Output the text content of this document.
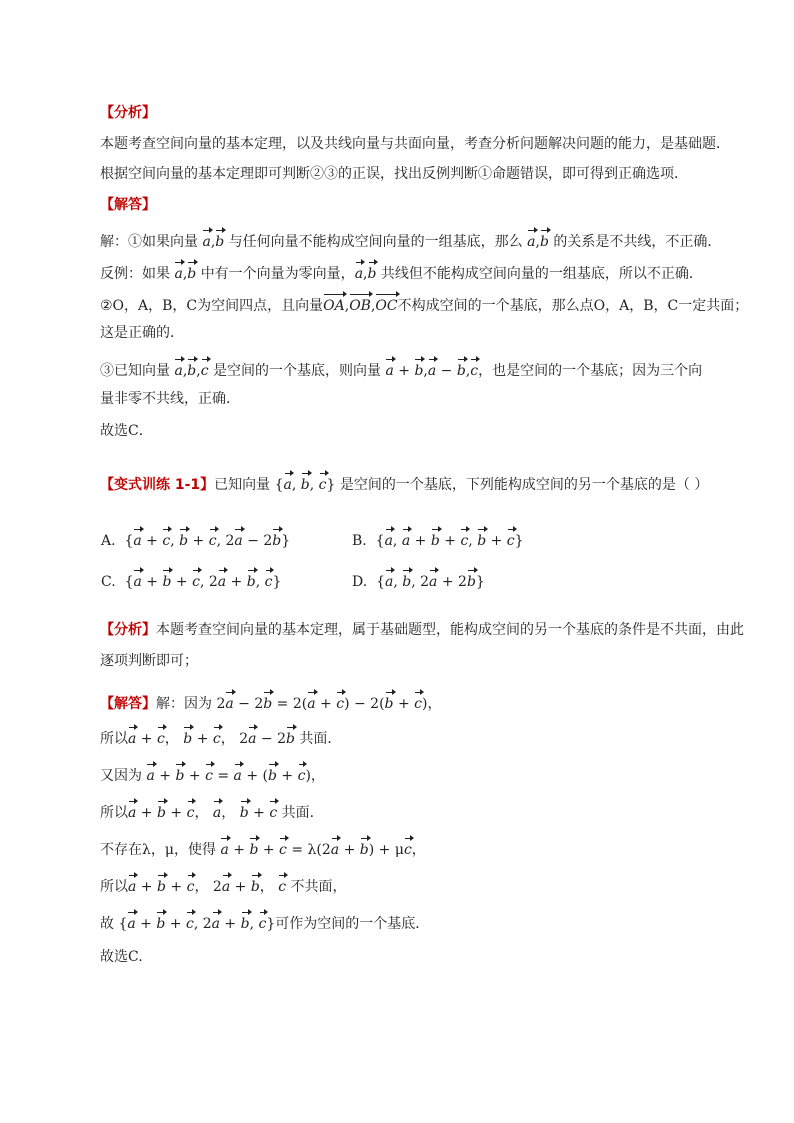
【分析】
本题考查空间向量的基本定理，以及共线向量与共面向量，考查分析问题解决问题的能力，是基础题．
根据空间向量的基本定理即可判断②③的正误，找出反例判断①命题错误，即可得到正确选项．
【解答】
解：①如果向量 a,b 与任何向量不能构成空间向量的一组基底，那么 a,b 的关系是不共线，不正确．
反例：如果 a,b 中有一个向量为零向量，a,b 共线但不能构成空间向量的一组基底，所以不正确．
②O，A，B，C为空间四点，且向量OA,OB,OC不构成空间的一个基底，那么点O，A，B，C一定共面；
这是正确的．
③已知向量 a,b,c 是空间的一个基底，则向量 a + b,a − b,c，也是空间的一个基底；因为三个向
量非零不共线，正确．
故选C．
【变式训练 1-1】已知向量 {a, b, c} 是空间的一个基底，下列能构成空间的另一个基底的是（ ）
A.  {a + c, b + c, 2a − 2b}	B.  {a, a + b + c, b + c}
C.  {a + b + c, 2a + b, c}	D.  {a, b, 2a + 2b}
【分析】本题考查空间向量的基本定理，属于基础题型，能构成空间的另一个基底的条件是不共面，由此
逐项判断即可；
【解答】解：因为 2a − 2b = 2(a + c) − 2(b + c)，
所以a + c， b + c， 2a − 2b 共面．
又因为 a + b + c = a + (b + c)，
所以a + b + c， a， b + c 共面．
不存在λ，μ，使得 a + b + c = λ(2a + b) + μc，
所以a + b + c， 2a + b， c 不共面，
故 {a + b + c, 2a + b, c}可作为空间的一个基底．
故选C.
